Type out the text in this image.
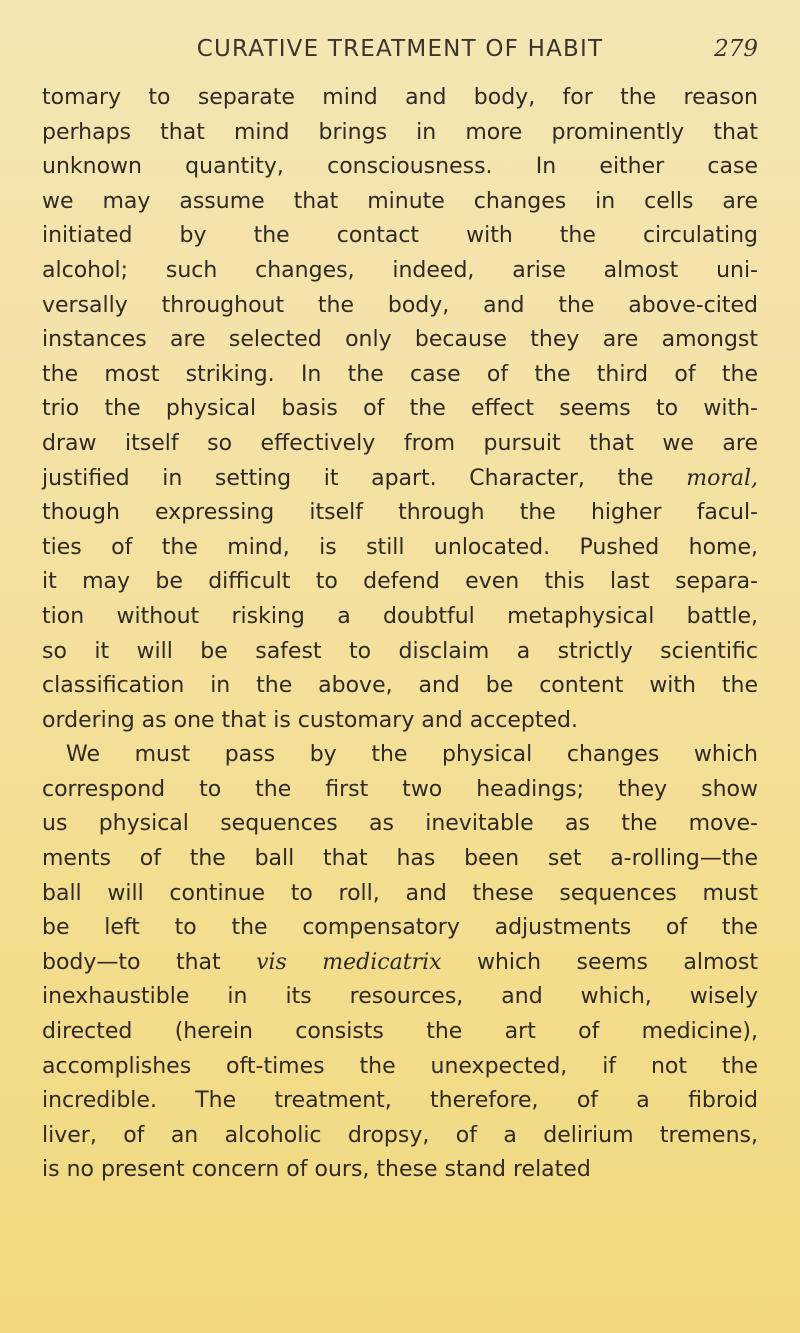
CURATIVE TREATMENT OF HABIT	279
tomary to separate mind and body, for the reason
perhaps that mind brings in more prominently that
unknown quantity, consciousness. In either case
we may assume that minute changes in cells are
initiated by the contact with the circulating
alcohol; such changes, indeed, arise almost uni-
versally throughout the body, and the above-cited
instances are selected only because they are amongst
the most striking. In the case of the third of the
trio the physical basis of the effect seems to with-
draw itself so effectively from pursuit that we are
justified in setting it apart. Character, the moral,
though expressing itself through the higher facul-
ties of the mind, is still unlocated. Pushed home,
it may be difficult to defend even this last separa-
tion without risking a doubtful metaphysical battle,
so it will be safest to disclaim a strictly scientific
classification in the above, and be content with the
ordering as one that is customary and accepted.
We must pass by the physical changes which
correspond to the first two headings; they show
us physical sequences as inevitable as the move-
ments of the ball that has been set a-rolling—the
ball will continue to roll, and these sequences must
be left to the compensatory adjustments of the
body—to that vis medicatrix which seems almost
inexhaustible in its resources, and which, wisely
directed (herein consists the art of medicine),
accomplishes oft-times the unexpected, if not the
incredible. The treatment, therefore, of a fibroid
liver, of an alcoholic dropsy, of a delirium tremens,
is no present concern of ours, these stand related
